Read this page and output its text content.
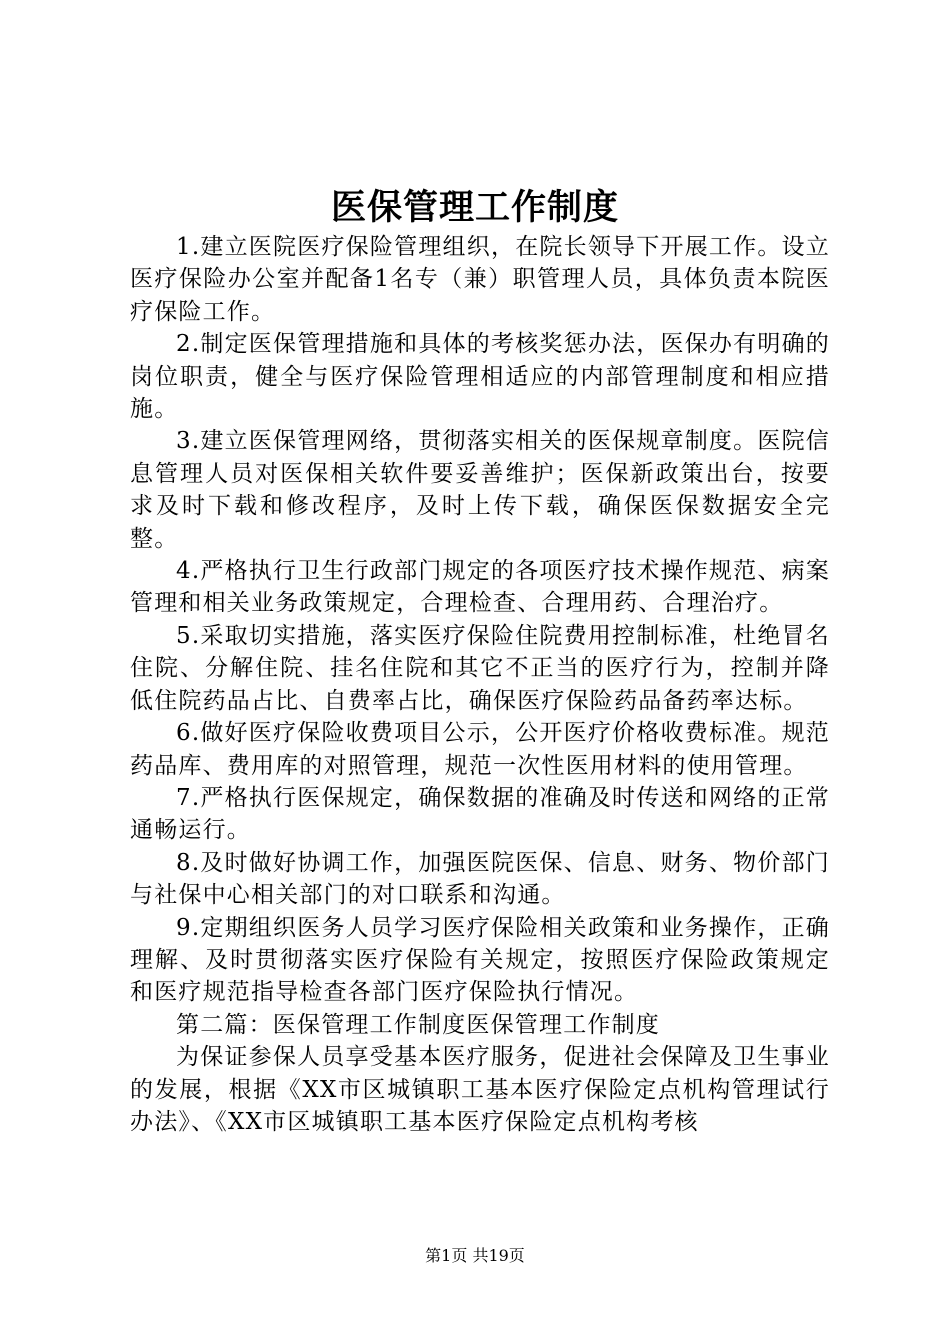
医保管理工作制度

1.建立医院医疗保险管理组织，在院长领导下开展工作。设立医疗保险办公室并配备1名专（兼）职管理人员，具体负责本院医疗保险工作。

2.制定医保管理措施和具体的考核奖惩办法，医保办有明确的岗位职责，健全与医疗保险管理相适应的内部管理制度和相应措施。

3.建立医保管理网络，贯彻落实相关的医保规章制度。医院信息管理人员对医保相关软件要妥善维护；医保新政策出台，按要求及时下载和修改程序，及时上传下载，确保医保数据安全完整。

4.严格执行卫生行政部门规定的各项医疗技术操作规范、病案管理和相关业务政策规定，合理检查、合理用药、合理治疗。

5.采取切实措施，落实医疗保险住院费用控制标准，杜绝冒名住院、分解住院、挂名住院和其它不正当的医疗行为，控制并降低住院药品占比、自费率占比，确保医疗保险药品备药率达标。

6.做好医疗保险收费项目公示，公开医疗价格收费标准。规范药品库、费用库的对照管理，规范一次性医用材料的使用管理。

7.严格执行医保规定，确保数据的准确及时传送和网络的正常通畅运行。

8.及时做好协调工作，加强医院医保、信息、财务、物价部门与社保中心相关部门的对口联系和沟通。

9.定期组织医务人员学习医疗保险相关政策和业务操作，正确理解、及时贯彻落实医疗保险有关规定，按照医疗保险政策规定和医疗规范指导检查各部门医疗保险执行情况。

第二篇：医保管理工作制度医保管理工作制度

为保证参保人员享受基本医疗服务，促进社会保障及卫生事业的发展，根据《XX市区城镇职工基本医疗保险定点机构管理试行办法》、《XX市区城镇职工基本医疗保险定点机构考核

第1页 共19页
